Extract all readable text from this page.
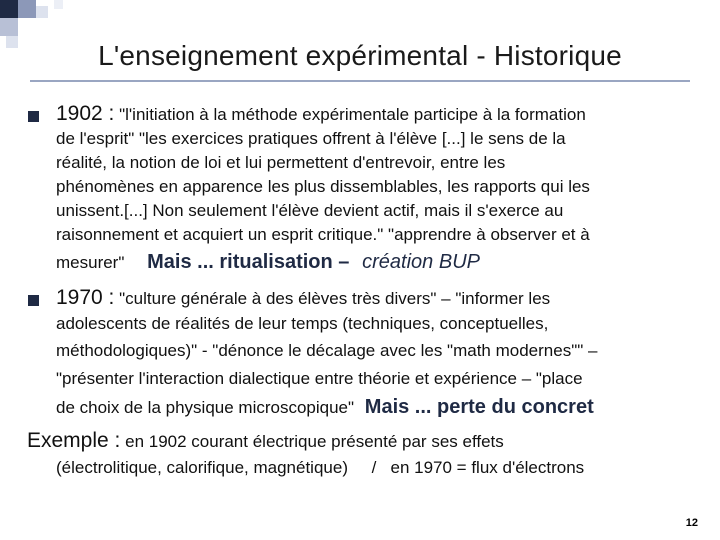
L'enseignement expérimental - Historique
1902 : "l'initiation à la méthode expérimentale participe à la formation
de l'esprit" "les exercices pratiques offrent à l'élève [...] le sens de la
réalité, la notion de loi et lui permettent d'entrevoir, entre les
phénomènes en apparence les plus dissemblables, les rapports qui les
unissent.[...] Non seulement l'élève devient actif, mais il s'exerce au
raisonnement et acquiert un esprit critique." "apprendre à observer et à
mesurer" Mais ... ritualisation – création BUP
1970 : "culture générale à des élèves très divers" – "informer les
adolescents de réalités de leur temps (techniques, conceptuelles,
méthodologiques)" - "dénonce le décalage avec les "math modernes"" –
"présenter l'interaction dialectique entre théorie et expérience – "place
de choix de la physique microscopique" Mais ... perte du concret
Exemple : en 1902 courant électrique présenté par ses effets
(électrolitique, calorifique, magnétique)     /   en 1970 = flux d'électrons
12
